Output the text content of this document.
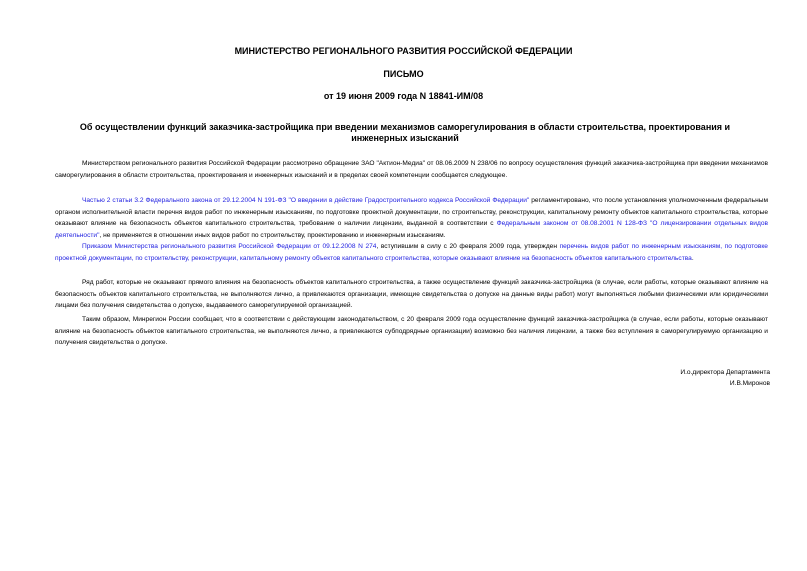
МИНИСТЕРСТВО РЕГИОНАЛЬНОГО РАЗВИТИЯ РОССИЙСКОЙ ФЕДЕРАЦИИ
ПИСЬМО
от 19 июня 2009 года N 18841-ИМ/08
Об осуществлении функций заказчика-застройщика при введении механизмов саморегулирования в области строительства, проектирования и инженерных изысканий
Министерством регионального развития Российской Федерации рассмотрено обращение ЗАО "Актион-Медиа" от 08.06.2009 N 238/06 по вопросу осуществления функций заказчика-застройщика при введении механизмов саморегулирования в области строительства, проектирования и инженерных изысканий и в пределах своей компетенции сообщается следующее.
Частью 2 статьи 3.2 Федерального закона от 29.12.2004 N 191-ФЗ "О введении в действие Градостроительного кодекса Российской Федерации" регламентировано, что после установления уполномоченным федеральным органом исполнительной власти перечня видов работ по инженерным изысканиям, по подготовке проектной документации, по строительству, реконструкции, капитальному ремонту объектов капитального строительства, которые оказывают влияние на безопасность объектов капитального строительства, требование о наличии лицензии, выданной в соответствии с Федеральным законом от 08.08.2001 N 128-ФЗ "О лицензировании отдельных видов деятельности", не применяется в отношении иных видов работ по строительству, проектированию и инженерным изысканиям.
Приказом Министерства регионального развития Российской Федерации от 09.12.2008 N 274, вступившим в силу с 20 февраля 2009 года, утвержден перечень видов работ по инженерным изысканиям, по подготовке проектной документации, по строительству, реконструкции, капитальному ремонту объектов капитального строительства, которые оказывают влияние на безопасность объектов капитального строительства.
Ряд работ, которые не оказывают прямого влияния на безопасность объектов капитального строительства, а также осуществление функций заказчика-застройщика (в случае, если работы, которые оказывают влияние на безопасность объектов капитального строительства, не выполняются лично, а привлекаются организации, имеющие свидетельства о допуске на данные виды работ) могут выполняться любыми физическими или юридическими лицами без получения свидетельства о допуске, выдаваемого саморегулируемой организацией.
Таким образом, Минрегион России сообщает, что в соответствии с действующим законодательством, с 20 февраля 2009 года осуществление функций заказчика-застройщика (в случае, если работы, которые оказывают влияние на безопасность объектов капитального строительства, не выполняются лично, а привлекаются субподрядные организации) возможно без наличия лицензии, а также без вступления в саморегулируемую организацию и получения свидетельства о допуске.
И.о.директора Департамента
И.В.Миронов
